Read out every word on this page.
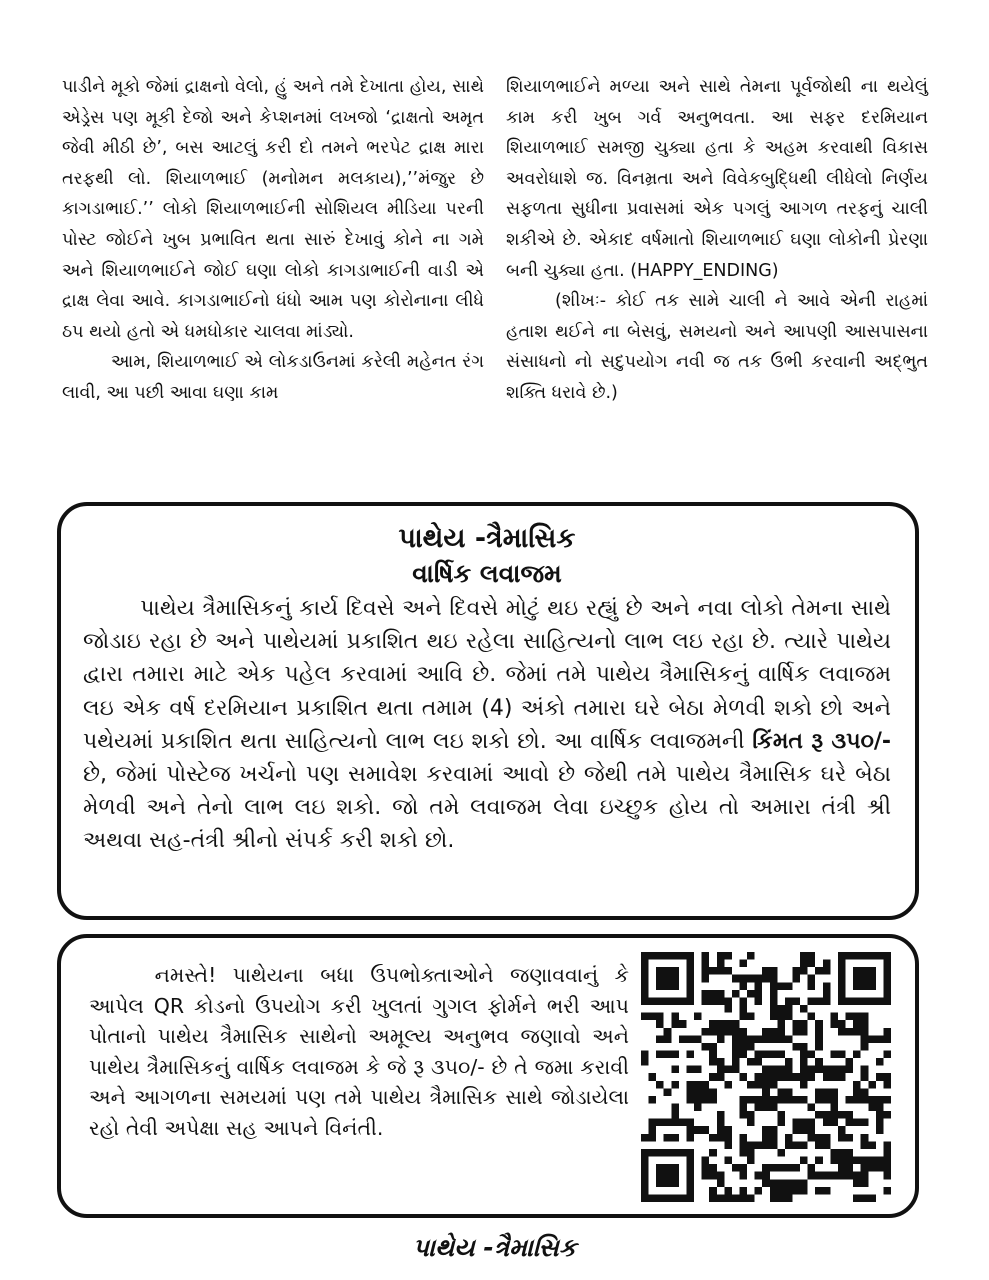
પાડીને મૂકો જેમાં દ્રાક્ષનો વેલો, હું અને તમે દેખાતા હોય, સાથે એડ્રેસ પણ મૂકી દેજો અને કેપ્શનમાં લખજો ‘દ્રાક્ષતો અમૃત જેવી મીઠી છે’, બસ આટલું કરી દો તમને ભરપેટ દ્રાક્ષ મારા તરફથી લો. શિયાળભાઈ (મનોમન મલકાય),’’મંજુર છે કાગડાભાઈ.’’ લોકો શિયાળભાઈની સોશિયલ મીડિયા પરની પોસ્ટ જોઈને ખુબ પ્રભાવિત થતા સારું દેખાવું કોને ના ગમે અને શિયાળભાઈને જોઈ ઘણા લોકો કાગડાભાઈની વાડી એ દ્રાક્ષ લેવા આવે. કાગડાભાઈનો ધંધો આમ પણ કોરોનાના લીધે ઠપ થયો હતો એ ધમધોકાર ચાલવા માંડ્યો.

આમ, શિયાળભાઈ એ લોકડાઉનમાં કરેલી મહેનત રંગ લાવી, આ પછી આવા ઘણા કામ

શિયાળભાઈને મળ્યા અને સાથે તેમના પૂર્વજોથી ના થયેલું કામ કરી ખુબ ગર્વ અનુભવતા. આ સફર દરમિયાન શિયાળભાઈ સમજી ચુક્યા હતા કે અહમ કરવાથી વિકાસ અવરોધાશે જ. વિનમ્રતા અને વિવેકબુદ્ધિથી લીધેલો નિર્ણય સફળતા સુધીના પ્રવાસમાં એક પગલું આગળ તરફનું ચાલી શકીએ છે. એકાદ વર્ષમાતો શિયાળભાઈ ઘણા લોકોની પ્રેરણા બની ચુક્યા હતા. (HAPPY_ENDING)

(શીખઃ- કોઈ તક સામે ચાલી ને આવે એની રાહમાં હતાશ થઈને ના બેસવું, સમયનો અને આપણી આસપાસના સંસાધનો નો સદુપયોગ નવી જ તક ઉભી કરવાની અદ્ભુત શક્તિ ધરાવે છે.)

પાથેય -ત્રૈમાસિક
વાર્ષિક લવાજમ

પાથેય ત્રૈમાસિકનું કાર્ય દિવસે અને દિવસે મોટું થઇ રહ્યું છે અને નવા લોકો તેમના સાથે જોડાઇ રહા છે અને પાથેયમાં પ્રકાશિત થઇ રહેલા સાહિત્યનો લાભ લઇ રહા છે. ત્યારે પાથેય દ્વારા તમારા માટે એક પહેલ કરવામાં આવિ છે. જેમાં તમે પાથેય ત્રૈમાસિકનું વાર્ષિક લવાજમ લઇ એક વર્ષ દરમિયાન પ્રકાશિત થતા તમામ (4) અંકો તમારા ઘરે બેઠા મેળવી શકો છો અને પથેયમાં પ્રકાશિત થતા સાહિત્યનો લાભ લઇ શકો છો. આ વાર્ષિક લવાજમની કિંમત રૂ ૩૫૦/- છે, જેમાં પોસ્ટેજ ખર્ચનો પણ સમાવેશ કરવામાં આવો છે જેથી તમે પાથેય ત્રૈમાસિક ઘરે બેઠા મેળવી અને તેનો લાભ લઇ શકો. જો તમે લવાજમ લેવા ઇચ્છુક હોય તો અમારા તંત્રી શ્રી અથવા સહ-તંત્રી શ્રીનો સંપર્ક કરી શકો છો.

નમસ્તે! પાથેયના બધા ઉપભોક્તાઓને જણાવવાનું કે આપેલ QR કોડનો ઉપયોગ કરી ખુલતાં ગુગલ ફોર્મને ભરી આપ પોતાનો પાથેય ત્રૈમાસિક સાથેનો અમૂલ્ય અનુભવ જણાવો અને પાથેય ત્રૈમાસિકનું વાર્ષિક લવાજમ કે જે રૂ ૩૫૦/- છે તે જમા કરાવી અને આગળના સમયમાં પણ તમે પાથેય ત્રૈમાસિક સાથે જોડાયેલા રહો તેવી અપેક્ષા સહ આપને વિનંતી.

પાથેય -ત્રૈમાસિક
